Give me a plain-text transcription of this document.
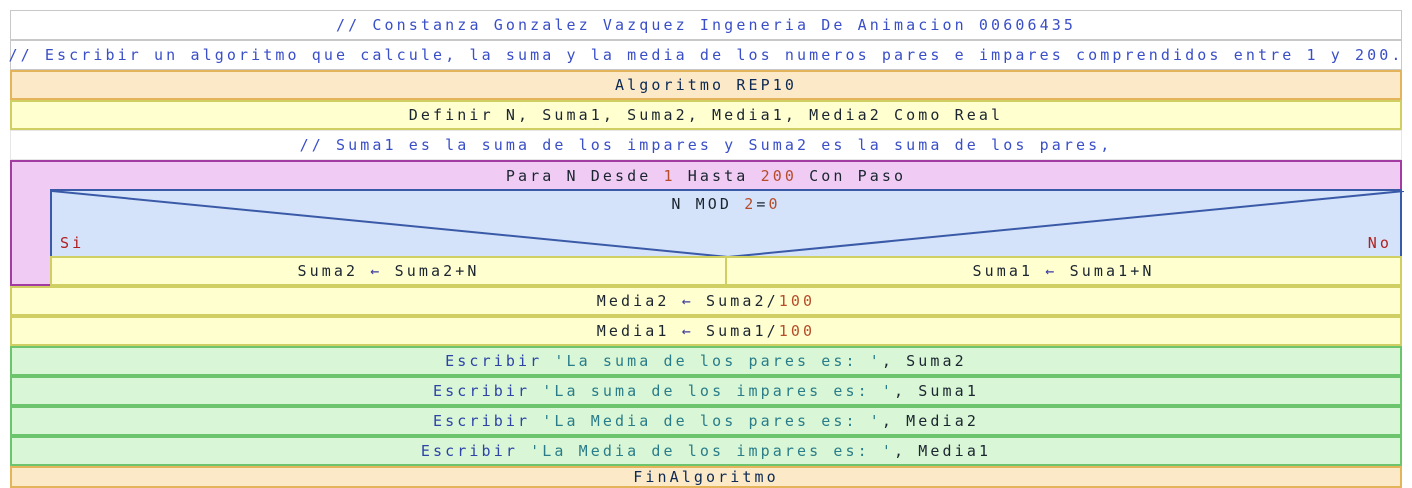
// Constanza Gonzalez Vazquez Ingeneria De Animacion 00606435
// Escribir un algoritmo que calcule, la suma y la media de los numeros pares e impares comprendidos entre 1 y 200.
Algoritmo
REP10
Definir N, Suma1, Suma2, Media1, Media2 Como Real
// Suma1 es la suma de los impares y Suma2 es la suma de los pares,
Para N Desde 1 Hasta 200 Con Paso
N MOD 2=0
Si	No
Suma2
←
Suma2+N	Suma1
←
Suma1+N
Media2
←
Suma2/ 100
Media1
←
Suma1/ 100
Escribir
'La suma de los pares es: ' , Suma2
Escribir
'La suma de los impares es: ' , Suma1
Escribir
'La Media de los pares es: ' , Media2
Escribir
'La Media de los impares es: ' , Media1
FinAlgoritmo
